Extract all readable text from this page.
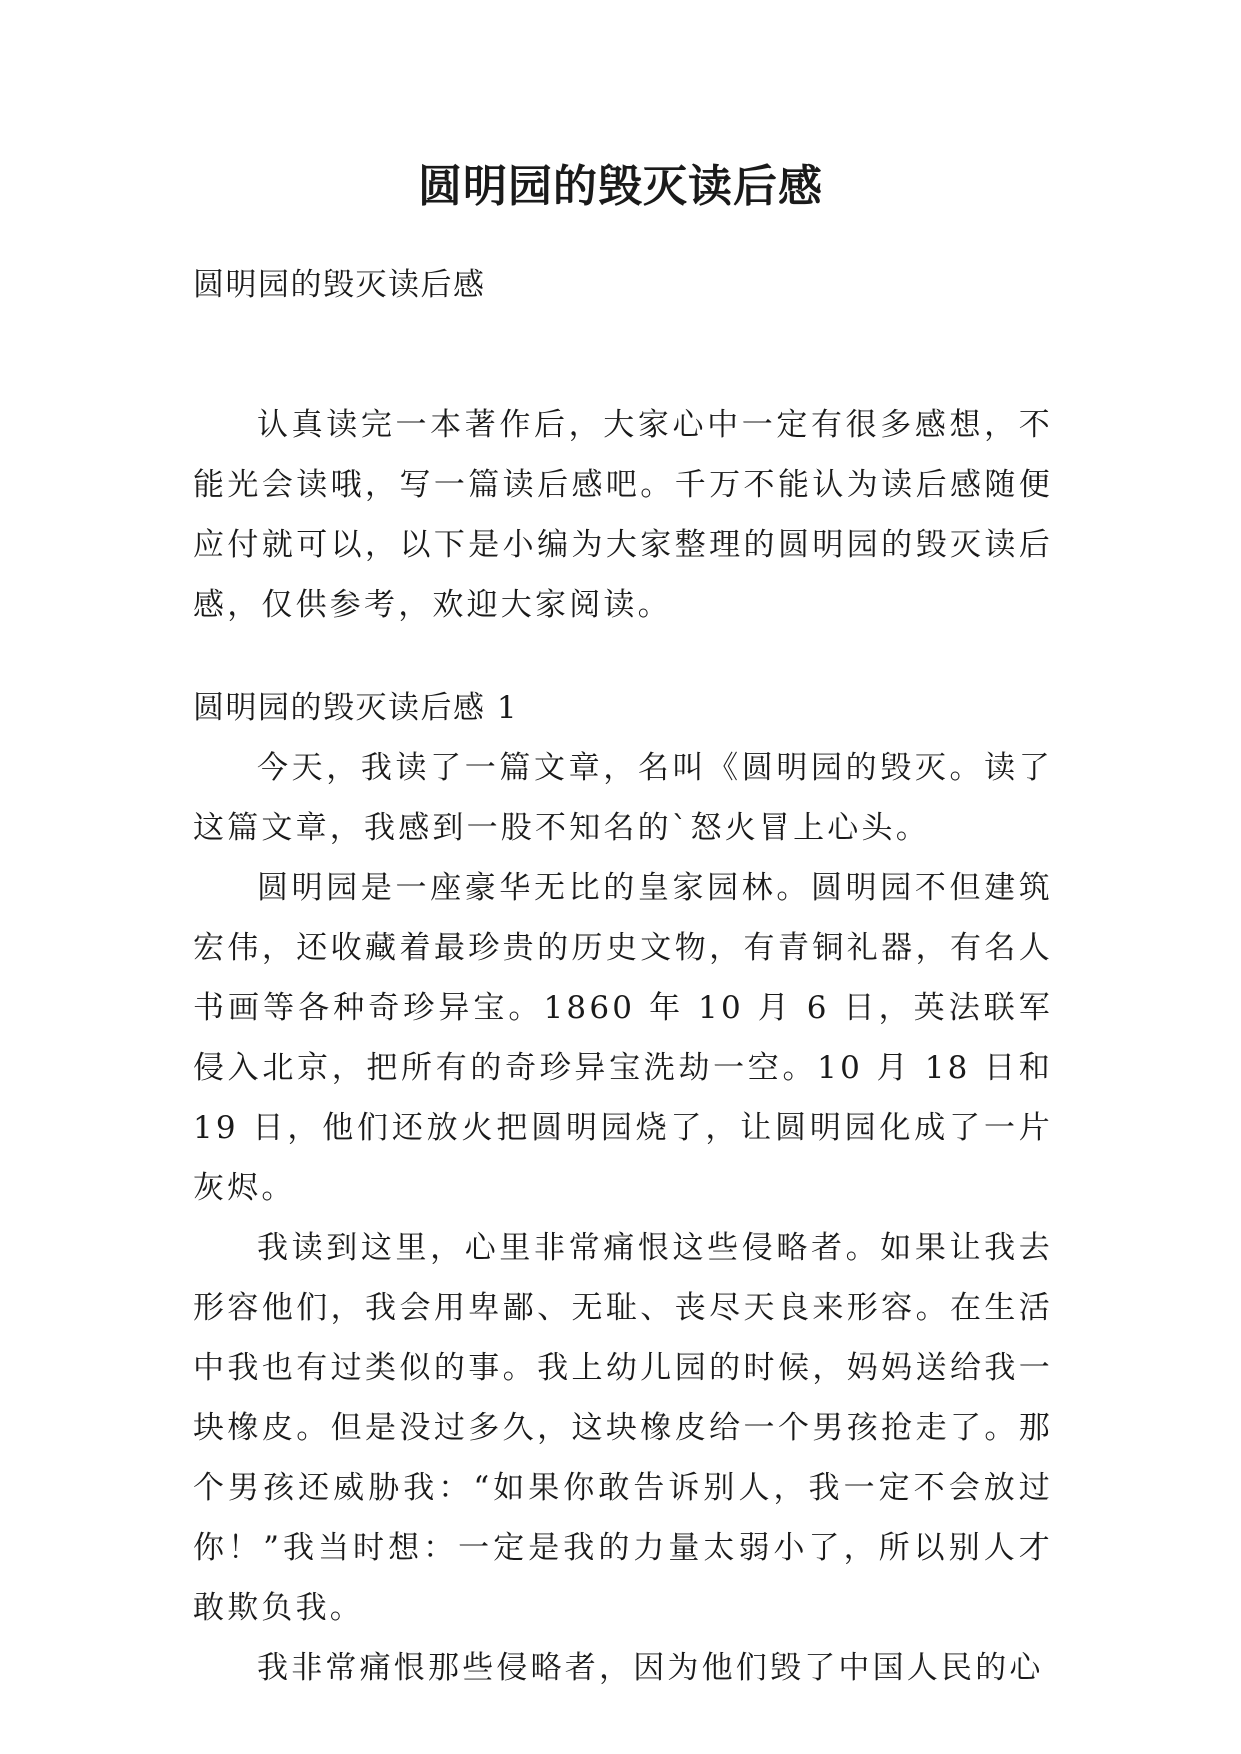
圆明园的毁灭读后感
圆明园的毁灭读后感

认真读完一本著作后，大家心中一定有很多感想，不能光会读哦，写一篇读后感吧。千万不能认为读后感随便应付就可以，以下是小编为大家整理的圆明园的毁灭读后感，仅供参考，欢迎大家阅读。

圆明园的毁灭读后感 1

今天，我读了一篇文章，名叫《圆明园的毁灭。读了这篇文章，我感到一股不知名的`怒火冒上心头。

圆明园是一座豪华无比的皇家园林。圆明园不但建筑宏伟，还收藏着最珍贵的历史文物，有青铜礼器，有名人书画等各种奇珍异宝。1860 年 10 月 6 日，英法联军侵入北京，把所有的奇珍异宝洗劫一空。10 月 18 日和 19 日，他们还放火把圆明园烧了，让圆明园化成了一片灰烬。

我读到这里，心里非常痛恨这些侵略者。如果让我去形容他们，我会用卑鄙、无耻、丧尽天良来形容。在生活中我也有过类似的事。我上幼儿园的时候，妈妈送给我一块橡皮。但是没过多久，这块橡皮给一个男孩抢走了。那个男孩还威胁我：“如果你敢告诉别人，我一定不会放过你！”我当时想：一定是我的力量太弱小了，所以别人才敢欺负我。

我非常痛恨那些侵略者，因为他们毁了中国人民的心
